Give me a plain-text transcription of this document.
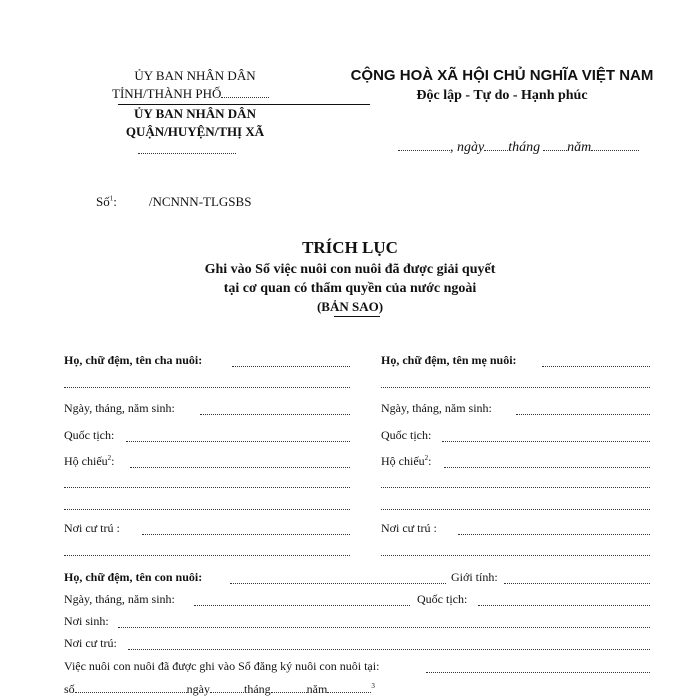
ỦY BAN NHÂN DÂN
TỈNH/THÀNH PHỐ
ỦY BAN NHÂN DÂN
QUẬN/HUYỆN/THỊ XÃ
CỘNG HOÀ XÃ HỘI CHỦ NGHĨA VIỆT NAM
Độc lập - Tự do - Hạnh phúc
, ngày tháng năm
Số$^1$: /NCNNN-TLGSBS
TRÍCH LỤC
Ghi vào Sổ việc nuôi con nuôi đã được giải quyết
tại cơ quan có thẩm quyền của nước ngoài
(BẢN SAO)
Họ, chữ đệm, tên cha nuôi:
Ngày, tháng, năm sinh:
Quốc tịch:
Hộ chiếu$^2$:
Nơi cư trú :
Họ, chữ đệm, tên mẹ nuôi:
Ngày, tháng, năm sinh:
Quốc tịch:
Hộ chiếu$^2$:
Nơi cư trú :
Họ, chữ đệm, tên con nuôi:	Giới tính:
Ngày, tháng, năm sinh:	Quốc tịch:
Nơi sinh:
Nơi cư trú:
Việc nuôi con nuôi đã được ghi vào Sổ đăng ký nuôi con nuôi tại:
số	ngày	tháng	năm	$^3$
